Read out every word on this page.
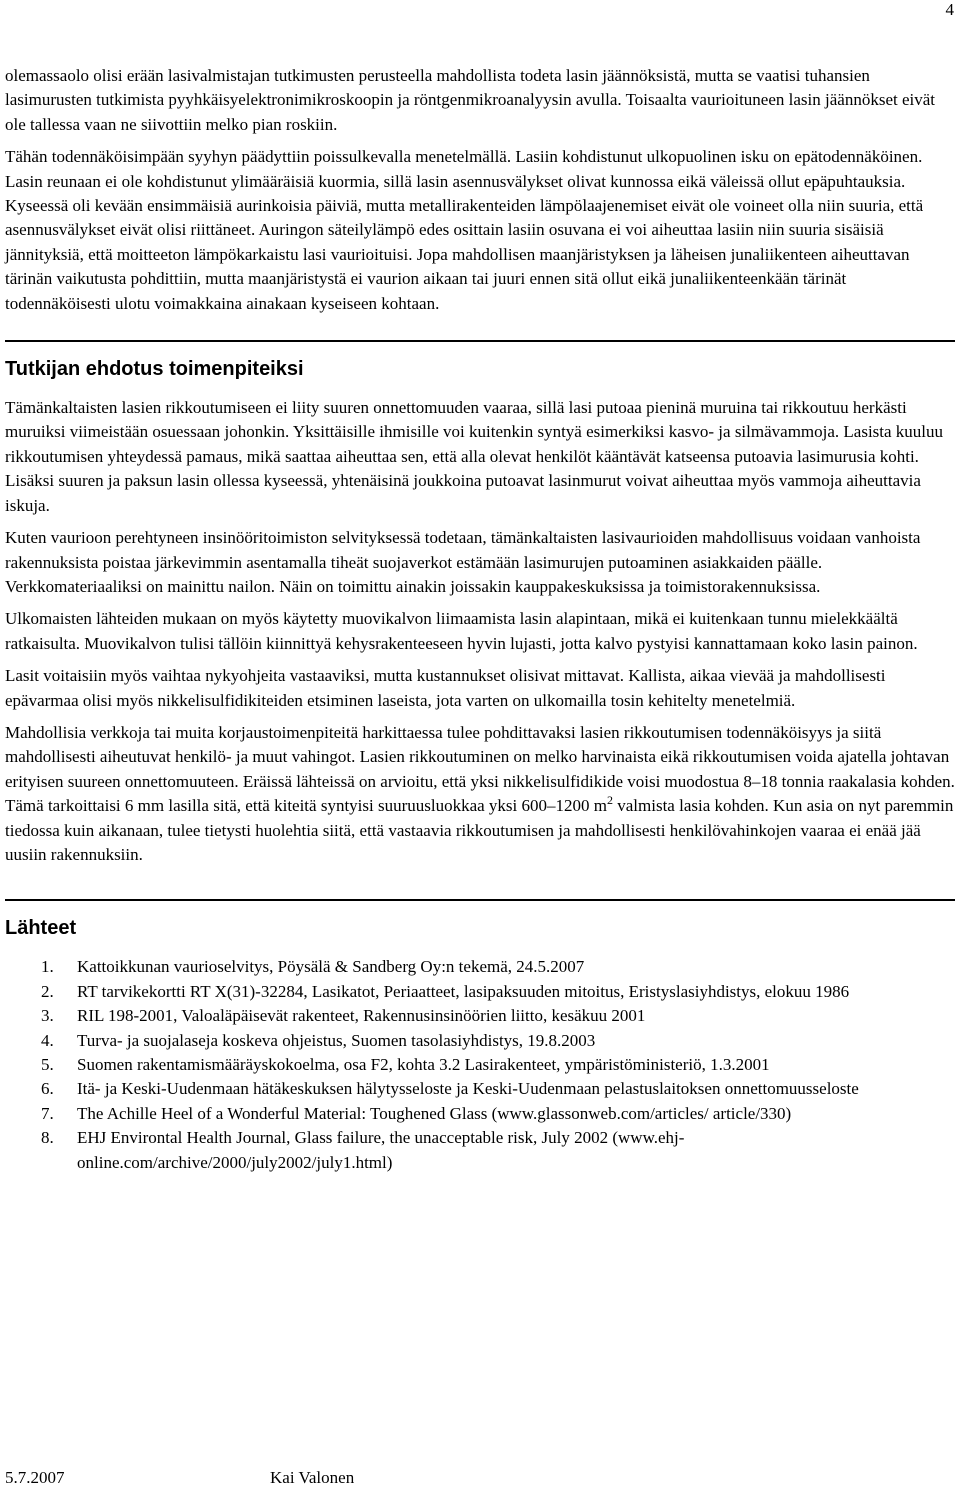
4

olemassaolo olisi erään lasivalmistajan tutkimusten perusteella mahdollista todeta lasin jäännöksistä, mutta se vaatisi tuhansien lasimurusten tutkimista pyyhkäisyelektronimikroskoopin ja röntgenmikroanalyysin avulla. Toisaalta vaurioituneen lasin jäännökset eivät ole tallessa vaan ne siivottiin melko pian roskiin.

Tähän todennäköisimpään syyhyn päädyttiin poissulkevalla menetelmällä. Lasiin kohdistunut ulkopuolinen isku on epätodennäköinen. Lasin reunaan ei ole kohdistunut ylimääräisiä kuormia, sillä lasin asennusvälykset olivat kunnossa eikä väleissä ollut epäpuhtauksia. Kyseessä oli kevään ensimmäisiä aurinkoisia päiviä, mutta metallirakenteiden lämpölaajenemiset eivät ole voineet olla niin suuria, että asennusvälykset eivät olisi riittäneet. Auringon säteilylämpö edes osittain lasiin osuvana ei voi aiheuttaa lasiin niin suuria sisäisiä jännityksiä, että moitteeton lämpökarkaistu lasi vaurioituisi. Jopa mahdollisen maanjäristyksen ja läheisen junaliikenteen aiheuttavan tärinän vaikutusta pohdittiin, mutta maanjäristystä ei vaurion aikaan tai juuri ennen sitä ollut eikä junaliikenteenkään tärinät todennäköisesti ulotu voimakkaina ainakaan kyseiseen kohtaan.

Tutkijan ehdotus toimenpiteiksi

Tämänkaltaisten lasien rikkoutumiseen ei liity suuren onnettomuuden vaaraa, sillä lasi putoaa pieninä muruina tai rikkoutuu herkästi muruiksi viimeistään osuessaan johonkin. Yksittäisille ihmisille voi kuitenkin syntyä esimerkiksi kasvo- ja silmävammoja. Lasista kuuluu rikkoutumisen yhteydessä pamaus, mikä saattaa aiheuttaa sen, että alla olevat henkilöt kääntävät katseensa putoavia lasimurusia kohti. Lisäksi suuren ja paksun lasin ollessa kyseessä, yhtenäisinä joukkoina putoavat lasinmurut voivat aiheuttaa myös vammoja aiheuttavia iskuja.

Kuten vaurioon perehtyneen insinööritoimiston selvityksessä todetaan, tämänkaltaisten lasivaurioiden mahdollisuus voidaan vanhoista rakennuksista poistaa järkevimmin asentamalla tiheät suojaverkot estämään lasimurujen putoaminen asiakkaiden päälle. Verkkomateriaaliksi on mainittu nailon. Näin on toimittu ainakin joissakin kauppakeskuksissa ja toimistorakennuksissa.

Ulkomaisten lähteiden mukaan on myös käytetty muovikalvon liimaamista lasin alapintaan, mikä ei kuitenkaan tunnu mielekkäältä ratkaisulta. Muovikalvon tulisi tällöin kiinnittyä kehysrakenteeseen hyvin lujasti, jotta kalvo pystyisi kannattamaan koko lasin painon.

Lasit voitaisiin myös vaihtaa nykyohjeita vastaaviksi, mutta kustannukset olisivat mittavat. Kallista, aikaa vievää ja mahdollisesti epävarmaa olisi myös nikkelisulfidikiteiden etsiminen laseista, jota varten on ulkomailla tosin kehitelty menetelmiä.

Mahdollisia verkkoja tai muita korjaustoimenpiteitä harkittaessa tulee pohdittavaksi lasien rikkoutumisen todennäköisyys ja siitä mahdollisesti aiheutuvat henkilö- ja muut vahingot. Lasien rikkoutuminen on melko harvinaista eikä rikkoutumisen voida ajatella johtavan erityisen suureen onnettomuuteen. Eräissä lähteissä on arvioitu, että yksi nikkelisulfidikide voisi muodostua 8–18 tonnia raakalasia kohden. Tämä tarkoittaisi 6 mm lasilla sitä, että kiteitä syntyisi suuruusluokkaa yksi 600–1200 $m^2$ valmista lasia kohden. Kun asia on nyt paremmin tiedossa kuin aikanaan, tulee tietysti huolehtia siitä, että vastaavia rikkoutumisen ja mahdollisesti henkilövahinkojen vaaraa ei enää jää uusiin rakennuksiin.

Lähteet
1. Kattoikkunan vaurioselvitys, Pöysälä & Sandberg Oy:n tekemä, 24.5.2007
2. RT tarvikekortti RT X(31)-32284, Lasikatot, Periaatteet, lasipaksuuden mitoitus, Eristyslasiyhdistys, elokuu 1986
3. RIL 198-2001, Valoaläpäisevät rakenteet, Rakennusinsinöörien liitto, kesäkuu 2001
4. Turva- ja suojalaseja koskeva ohjeistus, Suomen tasolasiyhdistys, 19.8.2003
5. Suomen rakentamismääräyskokoelma, osa F2, kohta 3.2 Lasirakenteet, ympäristöministeriö, 1.3.2001
6. Itä- ja Keski-Uudenmaan hätäkeskuksen hälytysseloste ja Keski-Uudenmaan pelastuslaitoksen onnettomuusseloste
7. The Achille Heel of a Wonderful Material: Toughened Glass (www.glassonweb.com/articles/ article/330)
8. EHJ Environtal Health Journal, Glass failure, the unacceptable risk, July 2002 (www.ehj-online.com/archive/2000/july2002/july1.html)
5.7.2007	Kai Valonen
